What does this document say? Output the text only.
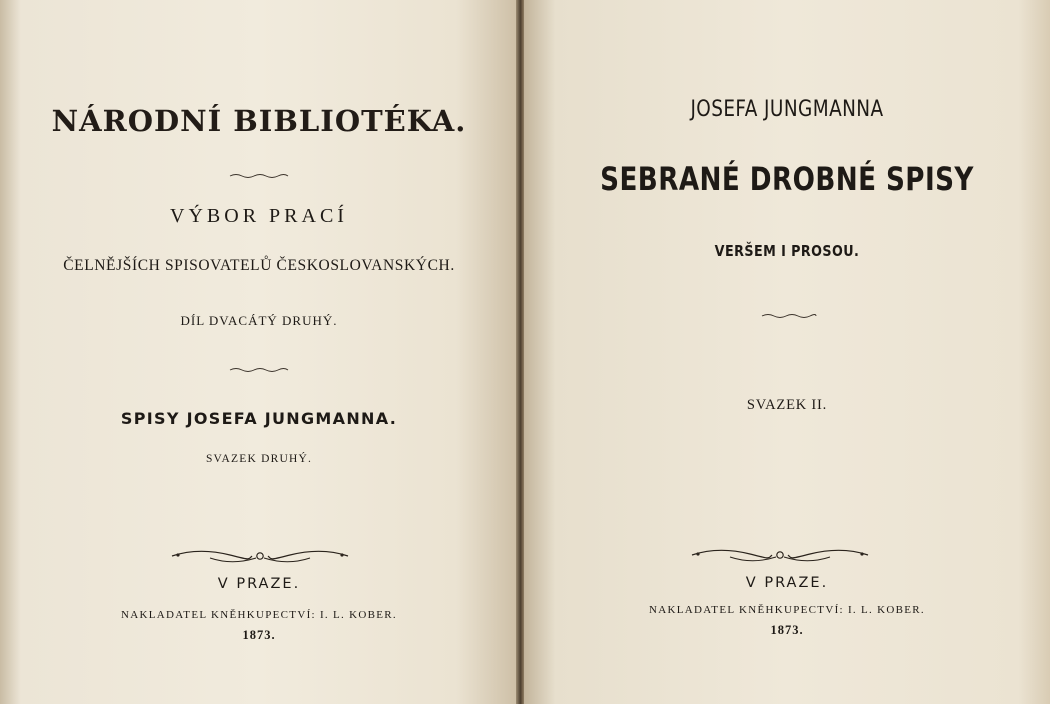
NÁRODNÍ BIBLIOTÉKA.
VÝBOR PRACÍ
ČELNĚJŠÍCH SPISOVATELŮ ČESKOSLOVANSKÝCH.
DÍL DVACÁTÝ DRUHÝ.
SPISY JOSEFA JUNGMANNA.
SVAZEK DRUHÝ.
V PRAZE.
NAKLADATEL KNĚHKUPECTVÍ: I. L. KOBER.
1873.
JOSEFA JUNGMANNA
SEBRANÉ DROBNÉ SPISY
VERŠEM I PROSOU.
SVAZEK II.
V PRAZE.
NAKLADATEL KNĚHKUPECTVÍ: I. L. KOBER.
1873.
